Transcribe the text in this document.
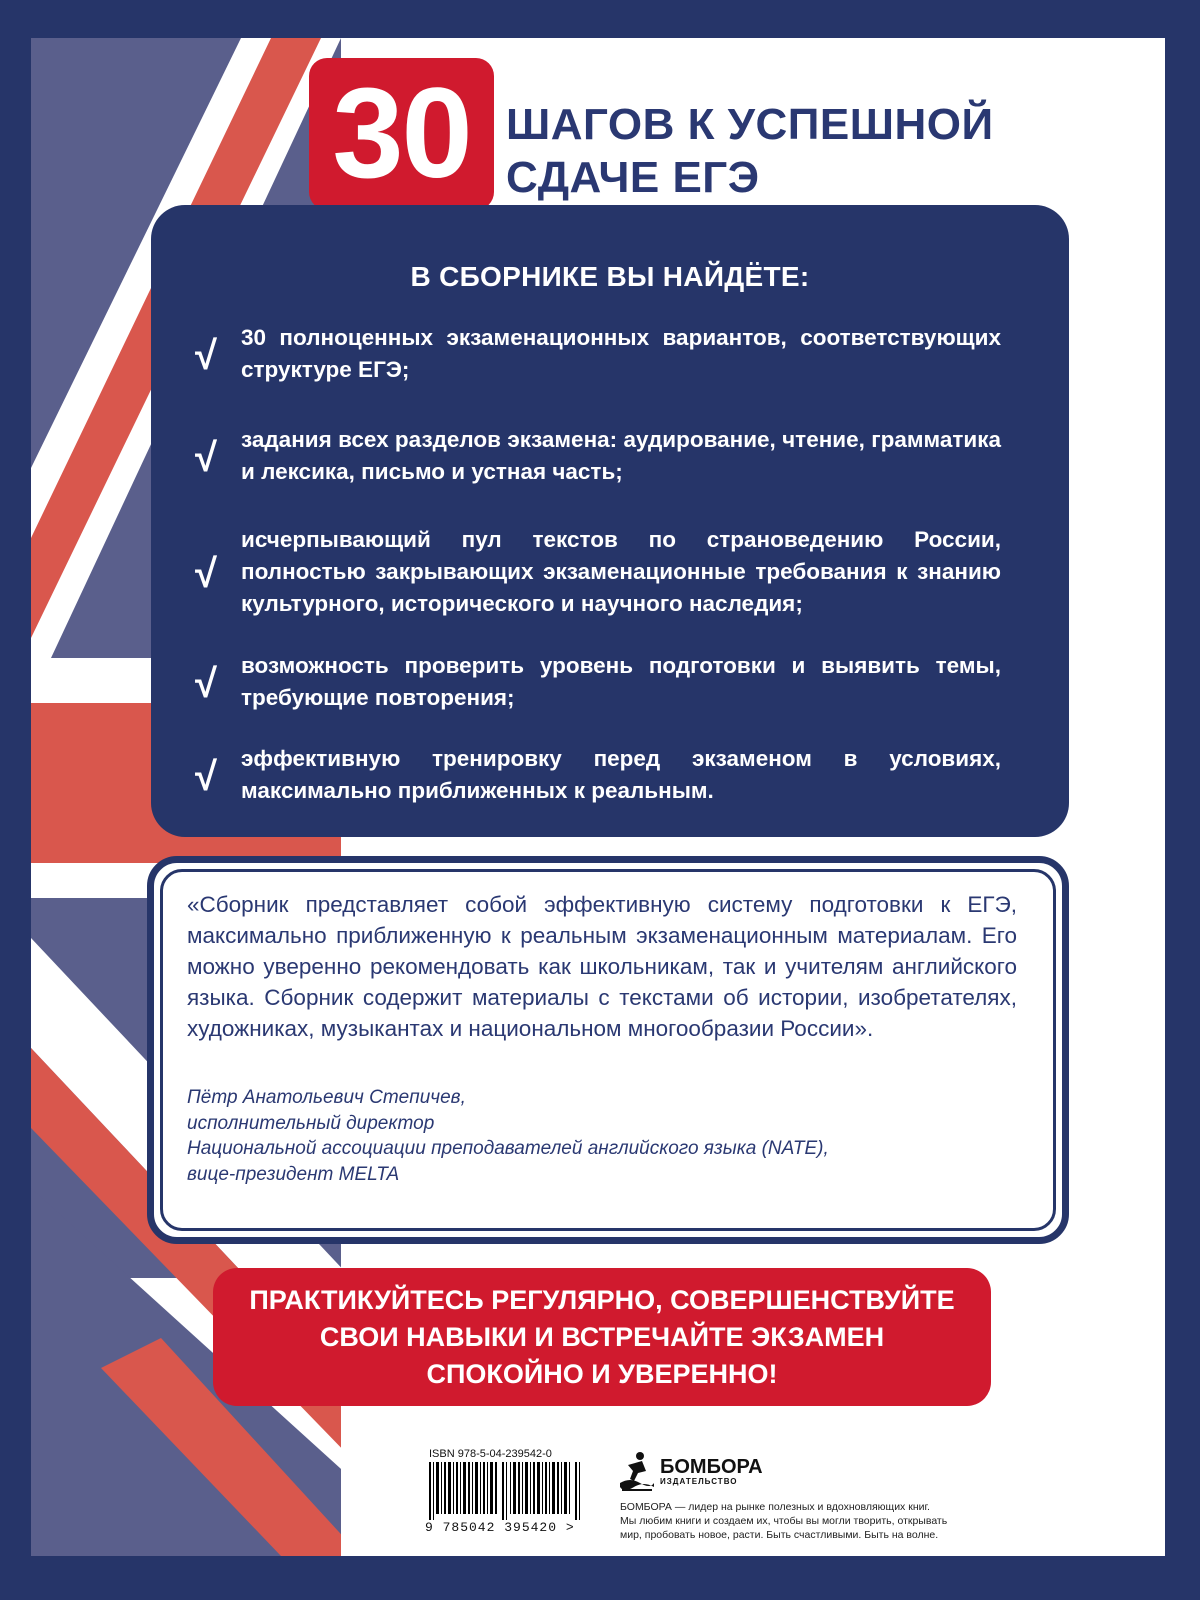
30 ШАГОВ К УСПЕШНОЙ
СДАЧЕ ЕГЭ
В СБОРНИКЕ ВЫ НАЙДЁТЕ:
√ 30 полноценных экзаменационных вариантов, соответствующих структуре ЕГЭ;
√ задания всех разделов экзамена: аудирование, чтение, грамматика и лексика, письмо и устная часть;
√
исчерпывающий пул текстов по страноведению России, полностью закрывающих экзаменационные требования к знанию культурного, исторического и научного наследия;
√ возможность проверить уровень подготовки и выявить темы, требующие повторения;
√ эффективную тренировку перед экзаменом в условиях, максимально приближенных к реальным.
«Сборник представляет собой эффективную систему подготовки к ЕГЭ, максимально приближенную к реальным экзаменационным материалам. Его можно уверенно рекомендовать как школьникам, так и учителям английского языка. Сборник содержит материалы с текстами об истории, изобретателях, художниках, музыкантах и национальном многообразии России».
Пётр Анатольевич Степичев,
исполнительный директор
Национальной ассоциации преподавателей английского языка (NATE),
вице-президент MELTA
ПРАКТИКУЙТЕСЬ РЕГУЛЯРНО, СОВЕРШЕНСТВУЙТЕ
СВОИ НАВЫКИ И ВСТРЕЧАЙТЕ ЭКЗАМЕН
СПОКОЙНО И УВЕРЕННО!
ISBN 978-5-04-239542-0
9 785042 395420 >
БОМБОРА
ИЗДАТЕЛЬСТВО
БОМБОРА — лидер на рынке полезных и вдохновляющих книг.
Мы любим книги и создаем их, чтобы вы могли творить, открывать
мир, пробовать новое, расти. Быть счастливыми. Быть на волне.
